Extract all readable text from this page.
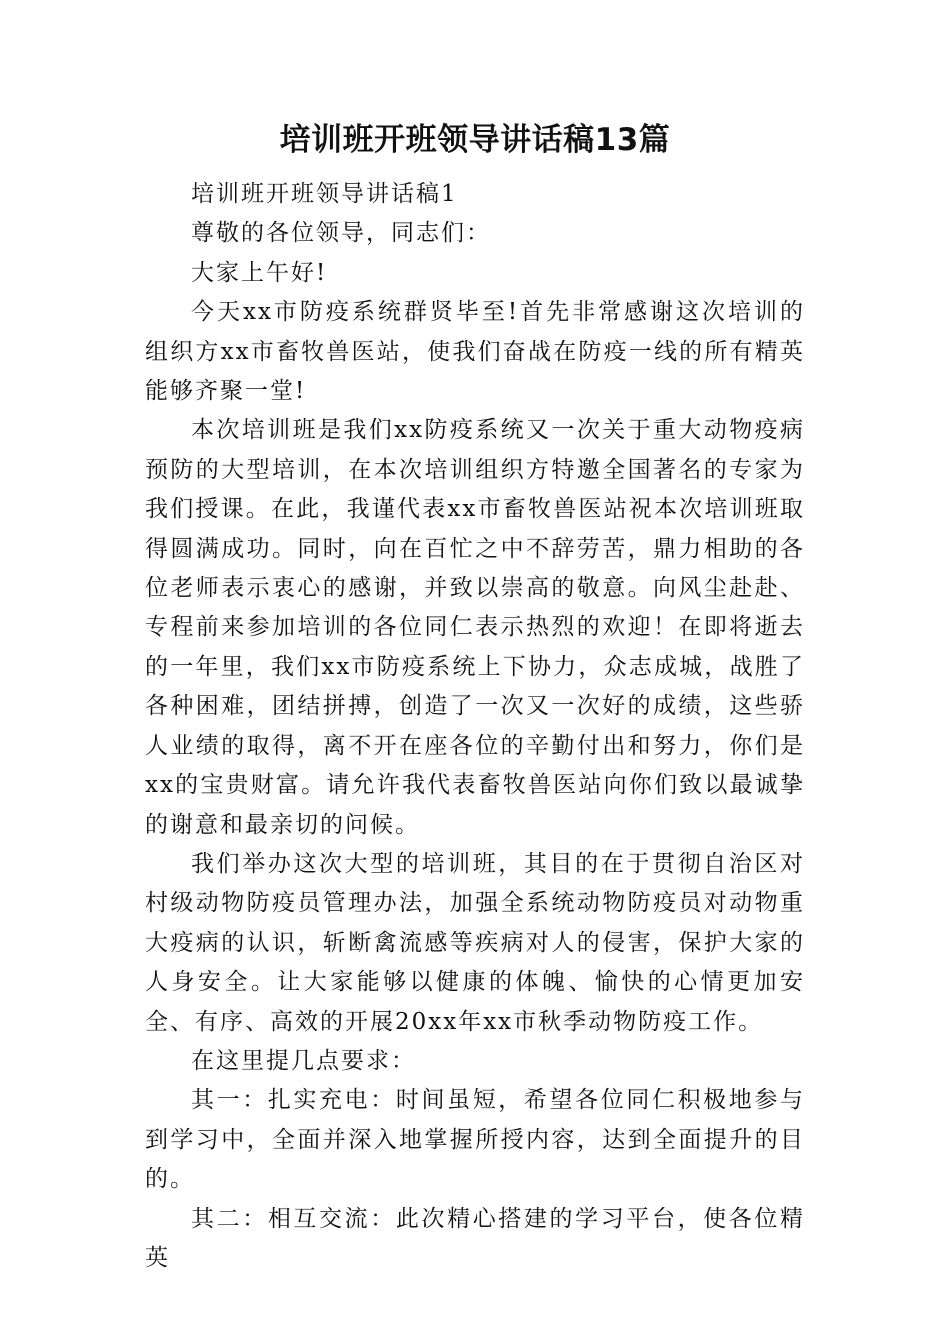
培训班开班领导讲话稿13篇

培训班开班领导讲话稿1

尊敬的各位领导，同志们：

大家上午好!

今天xx市防疫系统群贤毕至!首先非常感谢这次培训的组织方xx市畜牧兽医站，使我们奋战在防疫一线的所有精英能够齐聚一堂!

本次培训班是我们xx防疫系统又一次关于重大动物疫病预防的大型培训，在本次培训组织方特邀全国著名的专家为我们授课。在此，我谨代表xx市畜牧兽医站祝本次培训班取得圆满成功。同时，向在百忙之中不辞劳苦，鼎力相助的各位老师表示衷心的感谢，并致以崇高的敬意。向风尘赴赴、专程前来参加培训的各位同仁表示热烈的欢迎！在即将逝去的一年里，我们xx市防疫系统上下协力，众志成城，战胜了各种困难，团结拼搏，创造了一次又一次好的成绩，这些骄人业绩的取得，离不开在座各位的辛勤付出和努力，你们是xx的宝贵财富。请允许我代表畜牧兽医站向你们致以最诚挚的谢意和最亲切的问候。

我们举办这次大型的培训班，其目的在于贯彻自治区对村级动物防疫员管理办法，加强全系统动物防疫员对动物重大疫病的认识，斩断禽流感等疾病对人的侵害，保护大家的人身安全。让大家能够以健康的体魄、愉快的心情更加安全、有序、高效的开展20xx年xx市秋季动物防疫工作。

在这里提几点要求：

其一：扎实充电：时间虽短，希望各位同仁积极地参与到学习中，全面并深入地掌握所授内容，达到全面提升的目的。

其二：相互交流：此次精心搭建的学习平台，使各位精英
